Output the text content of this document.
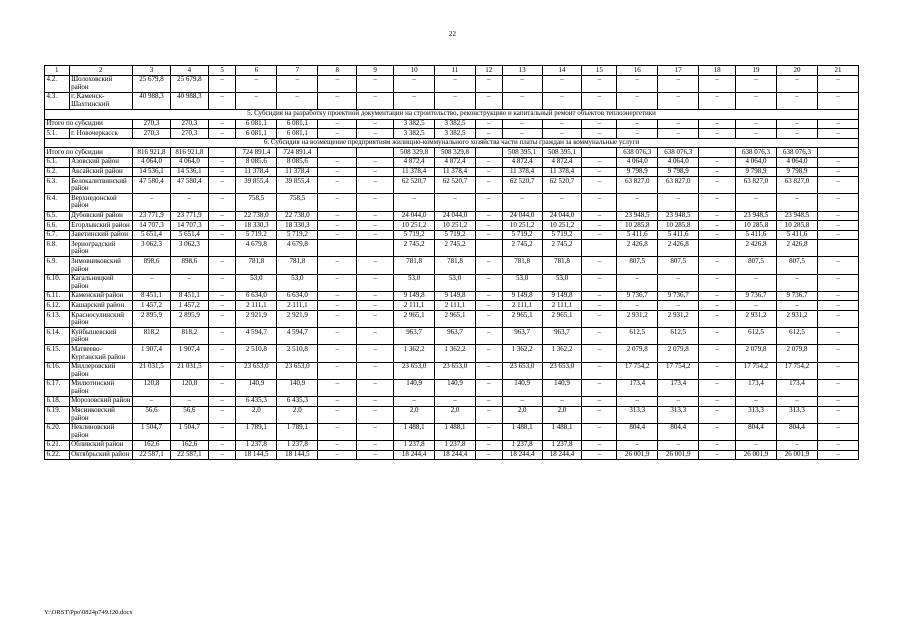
22
1	2	3	4	5	6	7	8	9	10	11	12	13	14	15	16	17	18	19	20	21
4.2.	Шолоховский район	25 679,8	25 679,8	–	–	–	–	–	–	–	–	–	–	–	–	–	–	–	–	–
4.3.	г. Каменск-Шахтинский	40 988,3	40 988,3	–	–	–	–	–	–	–	–	–	–	–	–	–	–	–	–	–
5. Субсидия на разработку проектной документации на строительство, реконструкцию и капитальный ремонт объектов теплоэнергетики																				
Итого по субсидии		270,3	270,3	–	6 081,1	6 081,1	–	–	3 382,5	3 382,5	–	–	–	–	–	–	–	–	–	–
5.1.	г. Новочеркасск	270,3	270,3	–	6 081,1	6 081,1	–	–	3 382,5	3 382,5	–	–	–	–	–	–	–	–	–	–
6. Субсидия на возмещение предприятиям жилищно-коммунального хозяйства части платы граждан за коммунальные услуги																				
Итого по субсидии		816 921,8	816 921,8		724 891,4	724 891,4			508 329,8	508 329,8		508 395,1	508 395,1		638 076,3	638 076,3		638 076,3	638 076,3	
6.1.	Азовский район	4 064,0	4 064,0	–	8 085,6	8 085,6	–	–	4 872,4	4 872,4	–	4 872,4	4 872,4	–	4 064,0	4 064,0	–	4 064,0	4 064,0	–
6.2.	Аксайский район	14 536,1	14 536,1	–	11 378,4	11 378,4	–	–	11 378,4	11 378,4	–	11 378,4	11 378,4	–	9 798,9	9 798,9	–	9 798,9	9 798,9	–
6.3.	Белокалитвинский район	47 580,4	47 580,4	–	39 855,4	39 855,4	–	–	62 520,7	62 520,7	–	62 520,7	62 520,7	–	63 827,0	63 827,0	–	63 827,0	63 827,0	–
6.4.	Верхнедонской район	–	–	–	758,5	758,5	–	–	–	–	–	–	–	–	–	–	–	–	–	–
6.5.	Дубовский район	23 771,9	23 771,9	–	22 738,0	22 738,0	–	–	24 044,0	24 044,0	–	24 044,0	24 044,0	–	23 948,5	23 948,5	–	23 948,5	23 948,5	–
6.6.	Егорлыкский район	14 707,3	14 707,3	–	18 330,3	18 330,3	–	–	10 251,2	10 251,2	–	10 251,2	10 251,2	–	10 285,8	10 285,8	–	10 285,8	10 285,8	–
6.7.	Заветинский район	5 651,4	5 651,4	–	5 719,2	5 719,2	–	–	5 719,2	5 719,2	–	5 719,2	5 719,2	–	5 411,6	5 411,6	–	5 411,6	5 411,6	–
6.8.	Зерноградский район	3 062,3	3 062,3		4 679,8	4 679,8			2 745,2	2 745,2		2 745,2	2 745,2		2 426,8	2 426,8		2 426,8	2 426,8	
6.9.	Зимовниковский район	898,6	898,6	–	781,8	781,8	–	–	781,8	781,8	–	781,8	781,8	–	807,5	807,5	–	807,5	807,5	–
6.10.	Кагальницкий район	–	–	–	53,0	53,0	–	–	53,0	53,0	–	53,0	53,0	–	–	–	–	–	–	–
6.11.	Каменский район	8 451,1	8 451,1	–	6 634,0	6 634,0	–	–	9 149,8	9 149,8	–	9 149,8	9 149,8	–	9 736,7	9 736,7	–	9 736,7	9 736,7	–
6.12.	Кашарский район	1 457,2	1 457,2	–	2 111,1	2 111,1	–	–	2 111,1	2 111,1	–	2 111,1	2 111,1	–	–	–	–	–	–	–
6.13.	Красносулинский район	2 895,9	2 895,9	–	2 921,9	2 921,9	–	–	2 965,1	2 965,1	–	2 965,1	2 965,1	–	2 931,2	2 931,2	–	2 931,2	2 931,2	–
6.14.	Куйбышевский район	818,2	818,2	–	4 594,7	4 594,7	–	–	963,7	963,7	–	963,7	963,7	–	612,5	612,5	–	612,5	612,5	–
6.15.	Матвеево-Курганский район	1 907,4	1 907,4	–	2 510,8	2 510,8	–	–	1 362,2	1 362,2	–	1 362,2	1 362,2	–	2 079,8	2 079,8	–	2 079,8	2 079,8	–
6.16.	Миллеровский район	21 031,5	21 031,5	–	23 653,0	23 653,0	–	–	23 653,0	23 653,0	–	23 653,0	23 653,0	–	17 754,2	17 754,2	–	17 754,2	17 754,2	–
6.17.	Милютинский район	120,8	120,8	–	140,9	140,9	–	–	140,9	140,9	–	140,9	140,9	–	173,4	173,4	–	173,4	173,4	–
6.18.	Морозовский район	–	–	–	6 435,3	6 435,3	–	–	–	–	–	–	–	–	–	–	–	–	–	–
6.19.	Мясниковский район	56,6	56,6	–	2,0	2,0	–	–	2,0	2,0	–	2,0	2,0	–	313,3	313,3	–	313,3	313,3	–
6.20.	Неклиновский район	1 504,7	1 504,7	–	1 789,1	1 789,1	–	–	1 488,1	1 488,1	–	1 488,1	1 488,1	–	804,4	804,4	–	804,4	804,4	–
6.21.	Обливский район	162,6	162,6	–	1 237,8	1 237,8	–	–	1 237,8	1 237,8	–	1 237,8	1 237,8	–	–	–	–	–	–	–
6.22.	Октябрьский район	22 587,1	22 587,1	–	18 144,5	18 144,5	–	–	18 244,4	18 244,4	–	18 244,4	18 244,4	–	26 001,9	26 001,9	–	26 001,9	26 001,9	–
Y:\ORST\Ppo\0824p749.f20.docx
